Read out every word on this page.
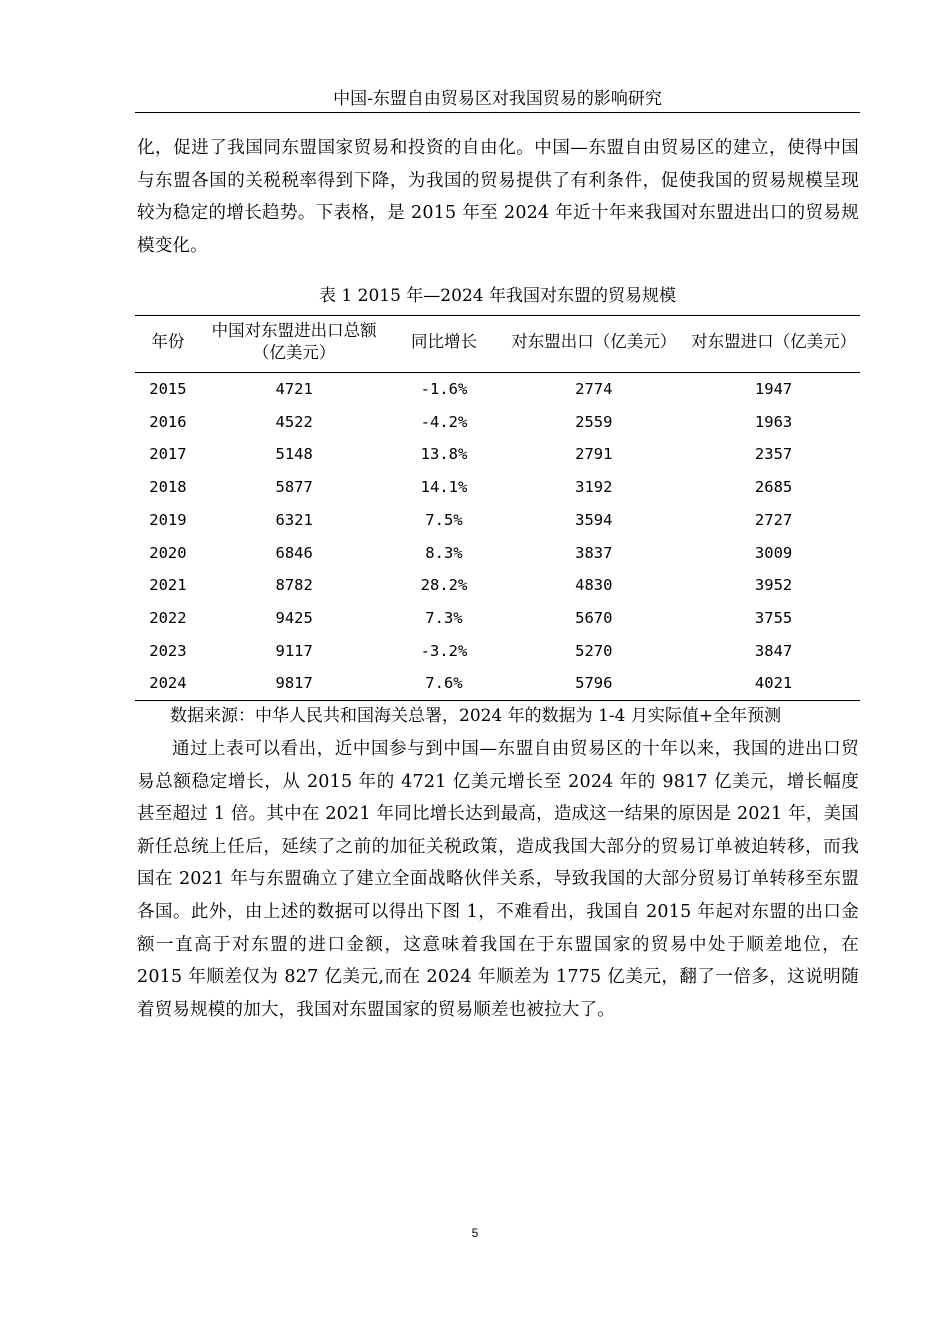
中国-东盟自由贸易区对我国贸易的影响研究

化，促进了我国同东盟国家贸易和投资的自由化。中国—东盟自由贸易区的建立，使得中国与东盟各国的关税税率得到下降，为我国的贸易提供了有利条件，促使我国的贸易规模呈现较为稳定的增长趋势。下表格，是 2015 年至 2024 年近十年来我国对东盟进出口的贸易规模变化。

表 1 2015 年—2024 年我国对东盟的贸易规模
年份	中国对东盟进出口总额（亿美元）	同比增长	对东盟出口（亿美元）	对东盟进口（亿美元）
2015	4721	-1.6%	2774	1947
2016	4522	-4.2%	2559	1963
2017	5148	13.8%	2791	2357
2018	5877	14.1%	3192	2685
2019	6321	7.5%	3594	2727
2020	6846	8.3%	3837	3009
2021	8782	28.2%	4830	3952
2022	9425	7.3%	5670	3755
2023	9117	-3.2%	5270	3847
2024	9817	7.6%	5796	4021
数据来源：中华人民共和国海关总署，2024 年的数据为 1-4 月实际值+全年预测

通过上表可以看出，近中国参与到中国—东盟自由贸易区的十年以来，我国的进出口贸易总额稳定增长，从 2015 年的 4721 亿美元增长至 2024 年的 9817 亿美元，增长幅度甚至超过 1 倍。其中在 2021 年同比增长达到最高，造成这一结果的原因是 2021 年，美国新任总统上任后，延续了之前的加征关税政策，造成我国大部分的贸易订单被迫转移，而我国在 2021 年与东盟确立了建立全面战略伙伴关系，导致我国的大部分贸易订单转移至东盟各国。此外，由上述的数据可以得出下图 1，不难看出，我国自 2015 年起对东盟的出口金额一直高于对东盟的进口金额，这意味着我国在于东盟国家的贸易中处于顺差地位，在 2015 年顺差仅为 827 亿美元,而在 2024 年顺差为 1775 亿美元，翻了一倍多，这说明随着贸易规模的加大，我国对东盟国家的贸易顺差也被拉大了。

5
